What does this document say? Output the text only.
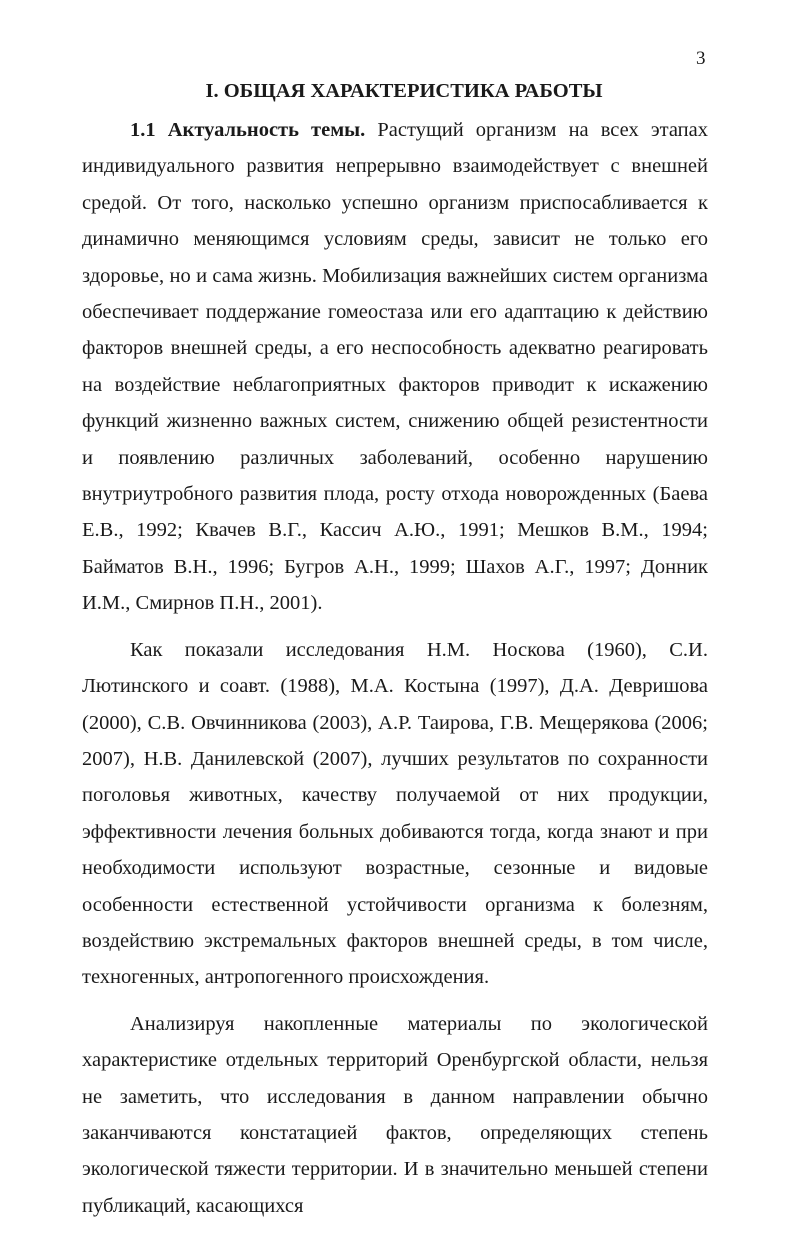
3
I. ОБЩАЯ ХАРАКТЕРИСТИКА РАБОТЫ

1.1 Актуальность темы. Растущий организм на всех этапах индивидуального развития непрерывно взаимодействует с внешней средой. От того, насколько успешно организм приспосабливается к динамично меняющимся условиям среды, зависит не только его здоровье, но и сама жизнь. Мобилизация важнейших систем организма обеспечивает поддержание гомеостаза или его адаптацию к действию факторов внешней среды, а его неспособность адекватно реагировать на воздействие неблагоприятных факторов приводит к искажению функций жизненно важных систем, снижению общей резистентности и появлению различных заболеваний, особенно нарушению внутриутробного развития плода, росту отхода новорожденных (Баева Е.В., 1992; Квачев В.Г., Кассич А.Ю., 1991; Мешков В.М., 1994; Байматов В.Н., 1996; Бугров А.Н., 1999; Шахов А.Г., 1997; Донник И.М., Смирнов П.Н., 2001).

Как показали исследования Н.М. Носкова (1960), С.И. Лютинского и соавт. (1988), М.А. Костына (1997), Д.А. Девришова (2000), С.В. Овчинникова (2003), А.Р. Таирова, Г.В. Мещерякова (2006; 2007), Н.В. Данилевской (2007), лучших результатов по сохранности поголовья животных, качеству получаемой от них продукции, эффективности лечения больных добиваются тогда, когда знают и при необходимости используют возрастные, сезонные и видовые особенности естественной устойчивости организма к болезням, воздействию экстремальных факторов внешней среды, в том числе, техногенных, антропогенного происхождения.

Анализируя накопленные материалы по экологической характеристике отдельных территорий Оренбургской области, нельзя не заметить, что исследования в данном направлении обычно заканчиваются констатацией фактов, определяющих степень экологической тяжести территории. И в значительно меньшей степени публикаций, касающихся
